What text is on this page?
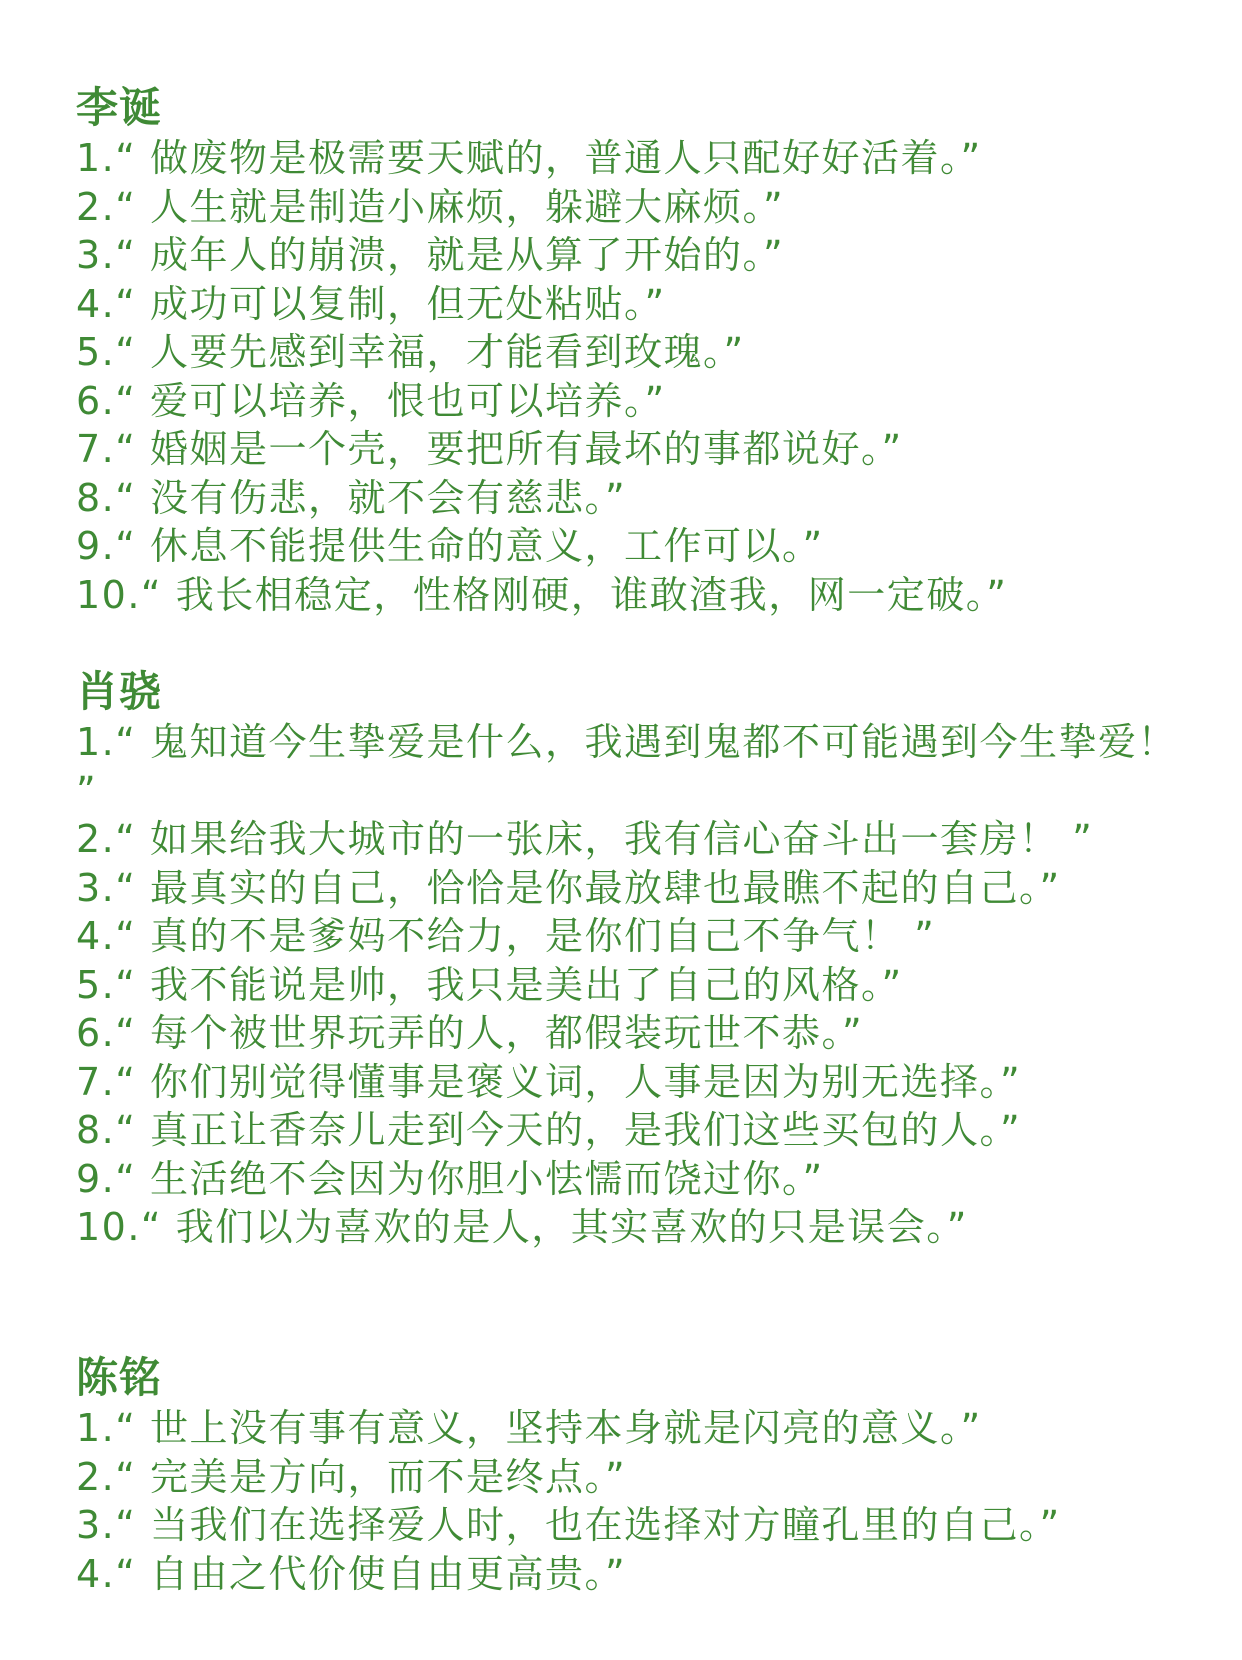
李诞
1.“ 做废物是极需要天赋的，普通人只配好好活着。”
2.“ 人生就是制造小麻烦，躲避大麻烦。”
3.“ 成年人的崩溃，就是从算了开始的。”
4.“ 成功可以复制，但无处粘贴。”
5.“ 人要先感到幸福，才能看到玫瑰。”
6.“ 爱可以培养，恨也可以培养。”
7.“ 婚姻是一个壳，要把所有最坏的事都说好。”
8.“ 没有伤悲，就不会有慈悲。”
9.“ 休息不能提供生命的意义，工作可以。”
10.“ 我长相稳定，性格刚硬，谁敢渣我，网一定破。”
肖骁
1.“ 鬼知道今生挚爱是什么，我遇到鬼都不可能遇到今生挚爱！ ”
2.“ 如果给我大城市的一张床，我有信心奋斗出一套房！ ”
3.“ 最真实的自己，恰恰是你最放肆也最瞧不起的自己。”
4.“ 真的不是爹妈不给力，是你们自己不争气！ ”
5.“ 我不能说是帅，我只是美出了自己的风格。”
6.“ 每个被世界玩弄的人，都假装玩世不恭。”
7.“ 你们别觉得懂事是褒义词，人事是因为别无选择。”
8.“ 真正让香奈儿走到今天的，是我们这些买包的人。”
9.“ 生活绝不会因为你胆小怯懦而饶过你。”
10.“ 我们以为喜欢的是人，其实喜欢的只是误会。”
陈铭
1.“ 世上没有事有意义，坚持本身就是闪亮的意义。”
2.“ 完美是方向，而不是终点。”
3.“ 当我们在选择爱人时，也在选择对方瞳孔里的自己。”
4.“ 自由之代价使自由更高贵。”
